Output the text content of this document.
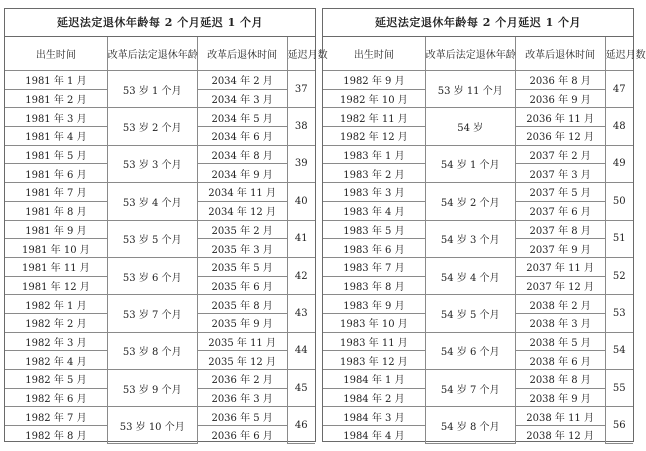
延迟法定退休年龄每 2 个月延迟 1 个月
出生时间	改革后法定退休年龄	改革后退休时间	延迟月数
1981 年 1 月	53 岁 1 个月	2034 年 2 月	37
1981 年 2 月		2034 年 3 月	
1981 年 3 月	53 岁 2 个月	2034 年 5 月	38
1981 年 4 月		2034 年 6 月	
1981 年 5 月	53 岁 3 个月	2034 年 8 月	39
1981 年 6 月		2034 年 9 月	
1981 年 7 月	53 岁 4 个月	2034 年 11 月	40
1981 年 8 月		2034 年 12 月	
1981 年 9 月	53 岁 5 个月	2035 年 2 月	41
1981 年 10 月		2035 年 3 月	
1981 年 11 月	53 岁 6 个月	2035 年 5 月	42
1981 年 12 月		2035 年 6 月	
1982 年 1 月	53 岁 7 个月	2035 年 8 月	43
1982 年 2 月		2035 年 9 月	
1982 年 3 月	53 岁 8 个月	2035 年 11 月	44
1982 年 4 月		2035 年 12 月	
1982 年 5 月	53 岁 9 个月	2036 年 2 月	45
1982 年 6 月		2036 年 3 月	
1982 年 7 月	53 岁 10 个月	2036 年 5 月	46
1982 年 8 月		2036 年 6 月	
延迟法定退休年龄每 2 个月延迟 1 个月
出生时间	改革后法定退休年龄	改革后退休时间	延迟月数
1982 年 9 月	53 岁 11 个月	2036 年 8 月	47
1982 年 10 月		2036 年 9 月	
1982 年 11 月	54 岁	2036 年 11 月	48
1982 年 12 月		2036 年 12 月	
1983 年 1 月	54 岁 1 个月	2037 年 2 月	49
1983 年 2 月		2037 年 3 月	
1983 年 3 月	54 岁 2 个月	2037 年 5 月	50
1983 年 4 月		2037 年 6 月	
1983 年 5 月	54 岁 3 个月	2037 年 8 月	51
1983 年 6 月		2037 年 9 月	
1983 年 7 月	54 岁 4 个月	2037 年 11 月	52
1983 年 8 月		2037 年 12 月	
1983 年 9 月	54 岁 5 个月	2038 年 2 月	53
1983 年 10 月		2038 年 3 月	
1983 年 11 月	54 岁 6 个月	2038 年 5 月	54
1983 年 12 月		2038 年 6 月	
1984 年 1 月	54 岁 7 个月	2038 年 8 月	55
1984 年 2 月		2038 年 9 月	
1984 年 3 月	54 岁 8 个月	2038 年 11 月	56
1984 年 4 月		2038 年 12 月	
